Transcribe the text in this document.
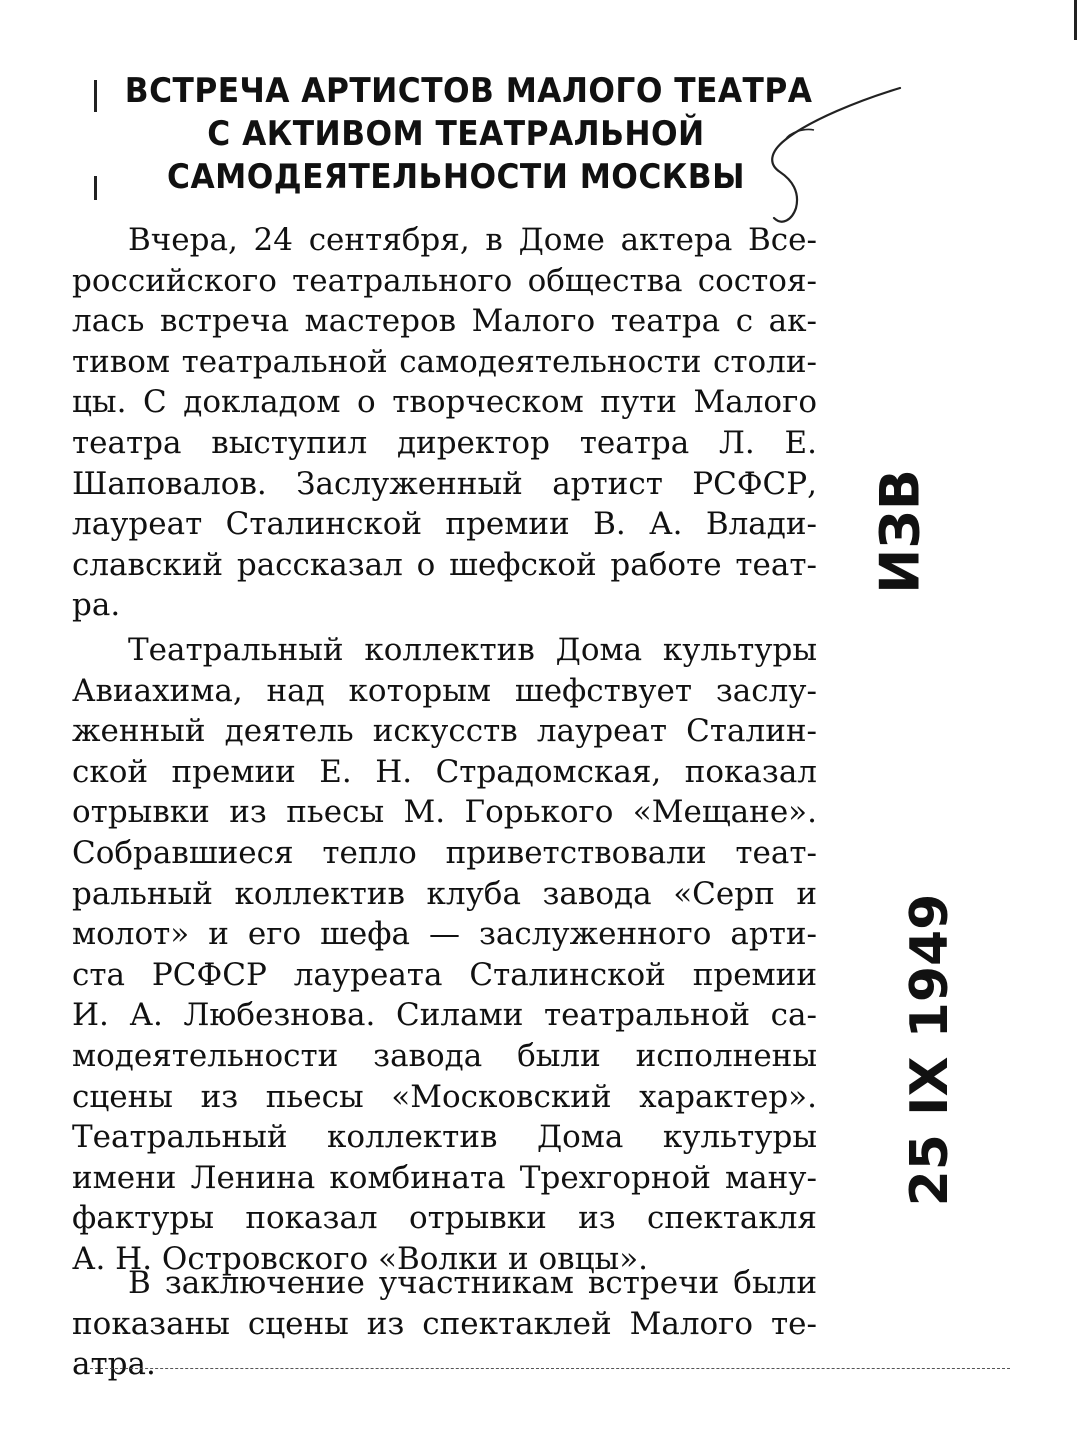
ВСТРЕЧА АРТИСТОВ МАЛОГО ТЕАТРА
С АКТИВОМ ТЕАТРАЛЬНОЙ
САМОДЕЯТЕЛЬНОСТИ МОСКВЫ
Вчера, 24 сентября, в Доме актера Все-
российского театрального общества состоя-
лась встреча мастеров Малого театра с ак-
тивом театральной самодеятельности столи-
цы. С докладом о творческом пути Малого
театра выступил директор театра Л. Е.
Шаповалов. Заслуженный артист РСФСР,
лауреат Сталинской премии В. А. Влади-
славский рассказал о шефской работе теат-
ра.
Театральный коллектив Дома культуры
Авиахима, над которым шефствует заслу-
женный деятель искусств лауреат Сталин-
ской премии Е. Н. Страдомская, показал
отрывки из пьесы М. Горького «Мещане».
Собравшиеся тепло приветствовали теат-
ральный коллектив клуба завода «Серп и
молот» и его шефа — заслуженного арти-
ста РСФСР лауреата Сталинской премии
И. А. Любезнова. Силами театральной са-
модеятельности завода были исполнены
сцены из пьесы «Московский характер».
Театральный коллектив Дома культуры
имени Ленина комбината Трехгорной ману-
фактуры показал отрывки из спектакля
А. Н. Островского «Волки и овцы».
В заключение участникам встречи были
показаны сцены из спектаклей Малого те-
атра.
ИЗВ
25 IX 1949
